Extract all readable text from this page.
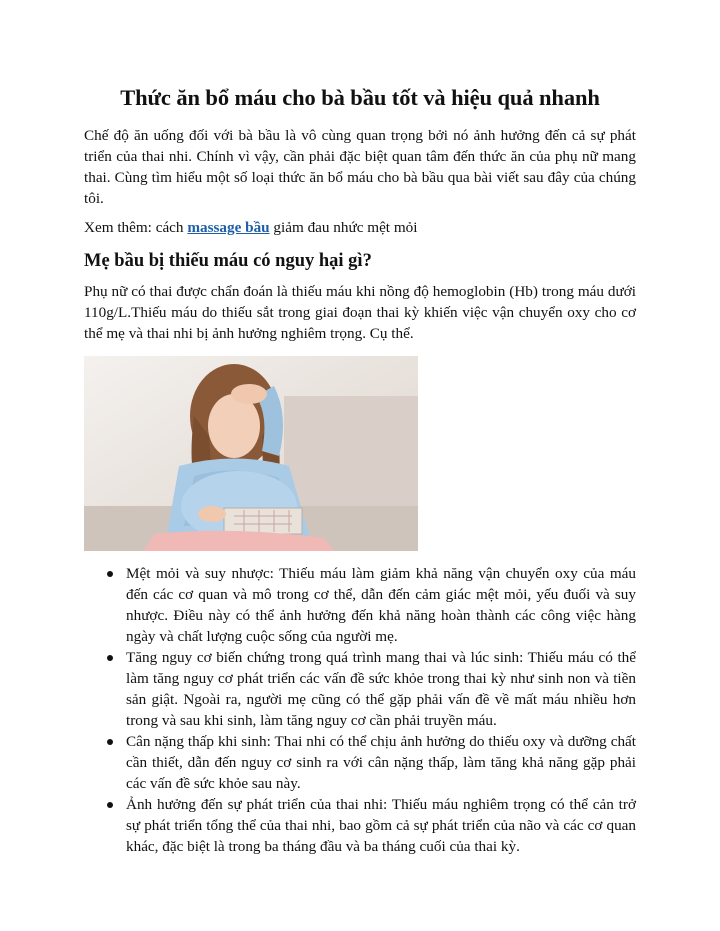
Thức ăn bổ máu cho bà bầu tốt và hiệu quả nhanh

Chế độ ăn uống đối với bà bầu là vô cùng quan trọng bởi nó ảnh hưởng đến cả sự phát triển của thai nhi. Chính vì vậy, cần phải đặc biệt quan tâm đến thức ăn của phụ nữ mang thai. Cùng tìm hiểu một số loại thức ăn bổ máu cho bà bầu qua bài viết sau đây của chúng tôi.

Xem thêm: cách massage bầu giảm đau nhức mệt mỏi

Mẹ bầu bị thiếu máu có nguy hại gì?

Phụ nữ có thai được chẩn đoán là thiếu máu khi nồng độ hemoglobin (Hb) trong máu dưới 110g/L.Thiếu máu do thiếu sắt trong giai đoạn thai kỳ khiến việc vận chuyển oxy cho cơ thể mẹ và thai nhi bị ảnh hưởng nghiêm trọng. Cụ thể.

Mệt mỏi và suy nhược: Thiếu máu làm giảm khả năng vận chuyển oxy của máu đến các cơ quan và mô trong cơ thể, dẫn đến cảm giác mệt mỏi, yếu đuối và suy nhược. Điều này có thể ảnh hưởng đến khả năng hoàn thành các công việc hàng ngày và chất lượng cuộc sống của người mẹ.
Tăng nguy cơ biến chứng trong quá trình mang thai và lúc sinh: Thiếu máu có thể làm tăng nguy cơ phát triển các vấn đề sức khỏe trong thai kỳ như sinh non và tiền sản giật. Ngoài ra, người mẹ cũng có thể gặp phải vấn đề về mất máu nhiều hơn trong và sau khi sinh, làm tăng nguy cơ cần phải truyền máu.
Cân nặng thấp khi sinh: Thai nhi có thể chịu ảnh hưởng do thiếu oxy và dưỡng chất cần thiết, dẫn đến nguy cơ sinh ra với cân nặng thấp, làm tăng khả năng gặp phải các vấn đề sức khỏe sau này.
Ảnh hưởng đến sự phát triển của thai nhi: Thiếu máu nghiêm trọng có thể cản trở sự phát triển tổng thể của thai nhi, bao gồm cả sự phát triển của não và các cơ quan khác, đặc biệt là trong ba tháng đầu và ba tháng cuối của thai kỳ.
